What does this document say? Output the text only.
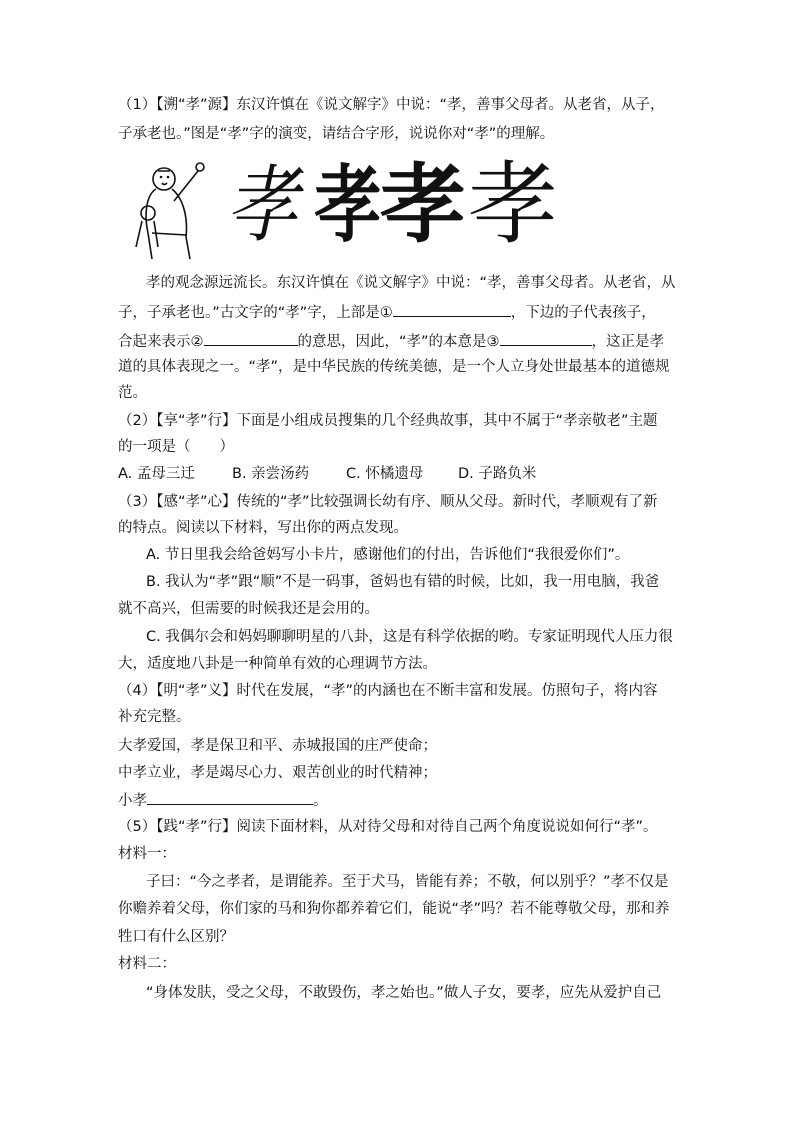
（1）【溯“孝”源】东汉许慎在《说文解字》中说：“孝，善事父母者。从老省，从子，
子承老也。”图是“孝”字的演变，请结合字形，说说你对“孝”的理解。
孝 孝
孝 孝
孝的观念源远流长。东汉许慎在《说文解字》中说：“孝，善事父母者。从老省，从
子，子承老也。”古文字的“孝”字，上部是①	，下边的子代表孩子，
合起来表示②	的意思，因此，“孝”的本意是③	，这正是孝
道的具体表现之一。“孝”，是中华民族的传统美德，是一个人立身处世最基本的道德规
范。
（2）【享“孝”行】下面是小组成员搜集的几个经典故事，其中不属于“孝亲敬老”主题
的一项是（　　）
A. 孟母三迁	B. 亲尝汤药	C. 怀橘遗母 D. 子路负米
（3）【感“孝”心】传统的“孝”比较强调长幼有序、顺从父母。新时代，孝顺观有了新
的特点。阅读以下材料，写出你的两点发现。
A. 节日里我会给爸妈写小卡片，感谢他们的付出，告诉他们“我很爱你们”。
B. 我认为“孝”跟“顺”不是一码事，爸妈也有错的时候，比如，我一用电脑，我爸
就不高兴，但需要的时候我还是会用的。
C. 我偶尔会和妈妈聊聊明星的八卦，这是有科学依据的哟。专家证明现代人压力很
大，适度地八卦是一种简单有效的心理调节方法。
（4）【明“孝”义】时代在发展，“孝”的内涵也在不断丰富和发展。仿照句子，将内容
补充完整。
大孝爱国，孝是保卫和平、赤城报国的庄严使命；
中孝立业，孝是竭尽心力、艰苦创业的时代精神；
小孝	。
（5）【践“孝”行】阅读下面材料，从对待父母和对待自己两个角度说说如何行“孝”。
材料一：
子曰：“今之孝者，是谓能养。至于犬马，皆能有养；不敬，何以别乎？”孝不仅是
你赡养着父母，你们家的马和狗你都养着它们，能说“孝”吗？若不能尊敬父母，那和养
牲口有什么区别？
材料二：
“身体发肤，受之父母，不敢毁伤，孝之始也。”做人子女，要孝，应先从爱护自己
